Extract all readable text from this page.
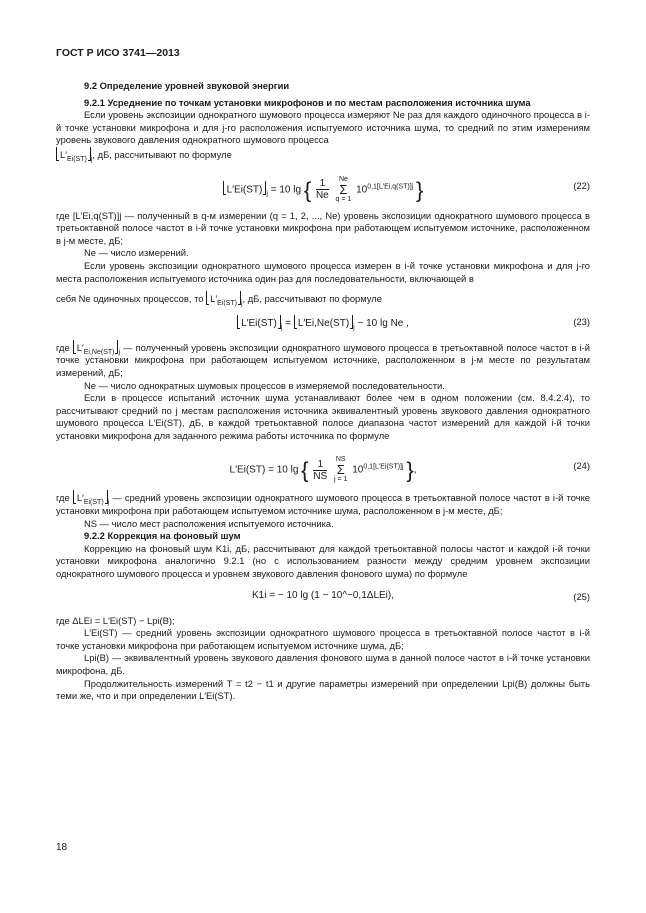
ГОСТ Р ИСО 3741—2013

9.2 Определение уровней звуковой энергии

9.2.1 Усреднение по точкам установки микрофонов и по местам расположения источника шума

Если уровень экспозиции однократного шумового процесса измеряют Ne раз для каждого одиночного процесса в i-й точке установки микрофона и для j-го расположения испытуемого источника шума, то средний по этим измерениям уровень звукового давления однократного шумового процесса

$L'_{Ei(ST)}$ $_j$, дБ, рассчитывают по формуле

L′Ei(ST) $_j$ = 10 lg { $\frac{1}{Ne}$ Ne
Σ
q = 1 $10^{0,1[L'Ei,q(ST)]j}$ }	(22)

где [L′Ei,q(ST)]j — полученный в q-м измерении (q = 1, 2, ..., Ne) уровень экспозиции однократного шумового процесса в третьоктавной полосе частот в i-й точке установки микрофона при работающем испытуемом источнике, расположенном в j-м месте, дБ;

Ne — число измерений.

Если уровень экспозиции однократного шумового процесса измерен в i-й точке установки микрофона и для j-го места расположения испытуемого источника один раз для последовательности, включающей в

себя Ne одиночных процессов, то $L'_{Ei(ST)}$ $_j$, дБ, рассчитывают по формуле

L′Ei(ST) $_j$ = L′Ei,Ne(ST) $_j$ − 10 lg Ne ,	(23)

где $L'_{Ei,Ne(ST)}$ $_j$ — полученный уровень экспозиции однократного шумового процесса в третьоктавной полосе частот в i-й точке установки микрофона при работающем испытуемом источнике, расположенном в j-м месте по результатам измерений, дБ;

Ne — число однократных шумовых процессов в измеряемой последовательности.

Если в процессе испытаний источник шума устанавливают более чем в одном положении (см. 8.4.2.4), то рассчитывают средний по j местам расположения источника эквивалентный уровень звукового давления однократного шумового процесса L′Ei(ST), дБ, в каждой третьоктавной полосе диапазона частот измерений для каждой i-й точки установки микрофона для заданного режима работы источника по формуле

L′Ei(ST) = 10 lg { $\frac{1}{NS}$ NS
Σ
j = 1 $10^{0,1[L'Ei(ST)]j}$ },	(24)

где $L'_{Ei(ST)}$ $_j$ — средний уровень экспозиции однократного шумового процесса в третьоктавной полосе частот в i-й точке установки микрофона при работающем испытуемом источнике шума, расположенном в j-м месте, дБ;

NS — число мест расположения испытуемого источника.

9.2.2 Коррекция на фоновый шум

Коррекцию на фоновый шум K1i, дБ, рассчитывают для каждой третьоктавной полосы частот и каждой i-й точки установки микрофона аналогично 9.2.1 (но с использованием разности между средним уровнем экспозиции однократного шумового процесса и уровнем звукового давления фонового шума) по формуле

K1i = − 10 lg (1 − 10^−0,1ΔLEi),	(25)

где ΔLEi = L′Ei(ST) − Lpi(B);

L′Ei(ST) — средний уровень экспозиции однократного шумового процесса в третьоктавной полосе частот в i-й точке установки микрофона при работающем испытуемом источнике шума, дБ;

Lpi(B) — эквивалентный уровень звукового давления фонового шума в данной полосе частот в i-й точке установки микрофона, дБ.

Продолжительность измерений T = t2 − t1 и другие параметры измерений при определении Lpi(B) должны быть теми же, что и при определении L′Ei(ST).

18
